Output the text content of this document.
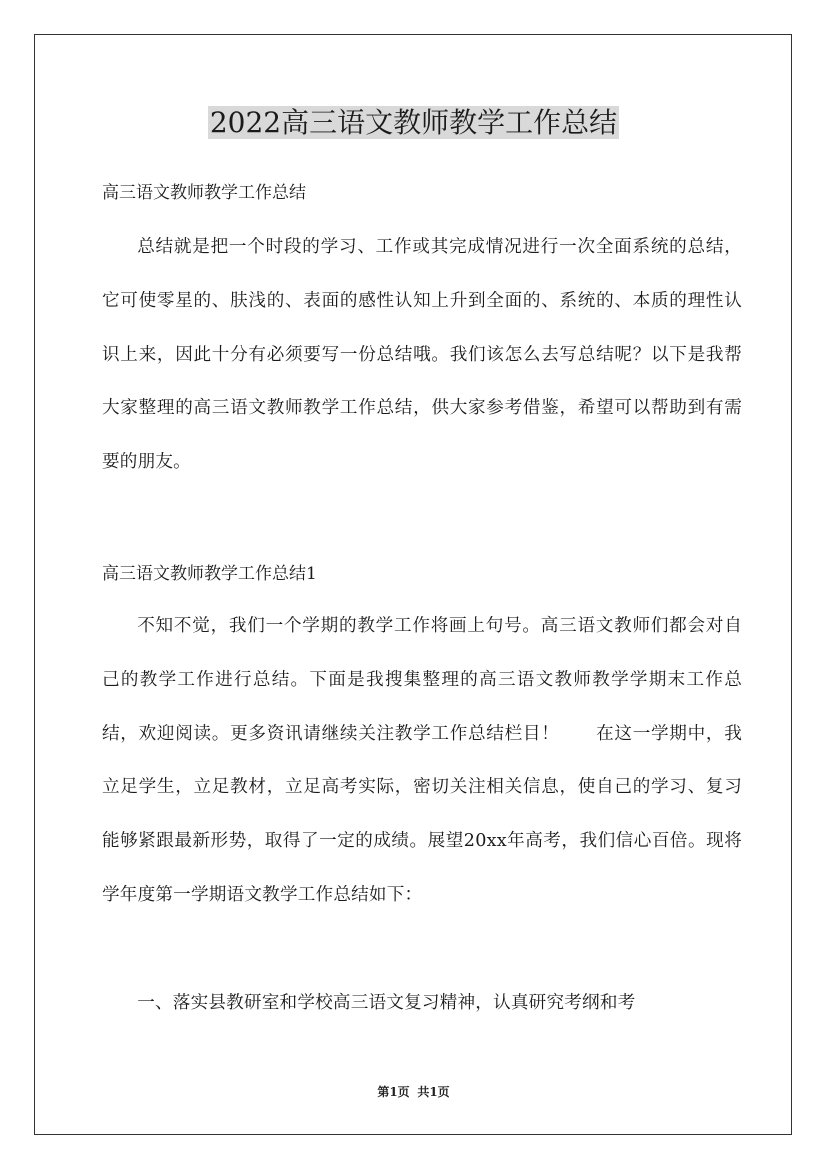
2022高三语文教师教学工作总结

高三语文教师教学工作总结

总结就是把一个时段的学习、工作或其完成情况进行一次全面系统的总结，它可使零星的、肤浅的、表面的感性认知上升到全面的、系统的、本质的理性认识上来，因此十分有必须要写一份总结哦。我们该怎么去写总结呢？以下是我帮大家整理的高三语文教师教学工作总结，供大家参考借鉴，希望可以帮助到有需要的朋友。

高三语文教师教学工作总结1

不知不觉，我们一个学期的教学工作将画上句号。高三语文教师们都会对自己的教学工作进行总结。下面是我搜集整理的高三语文教师教学学期末工作总结，欢迎阅读。更多资讯请继续关注教学工作总结栏目！　　在这一学期中，我立足学生，立足教材，立足高考实际，密切关注相关信息，使自己的学习、复习能够紧跟最新形势，取得了一定的成绩。展望20xx年高考，我们信心百倍。现将学年度第一学期语文教学工作总结如下：

一、落实县教研室和学校高三语文复习精神，认真研究考纲和考

第1页 共1页
